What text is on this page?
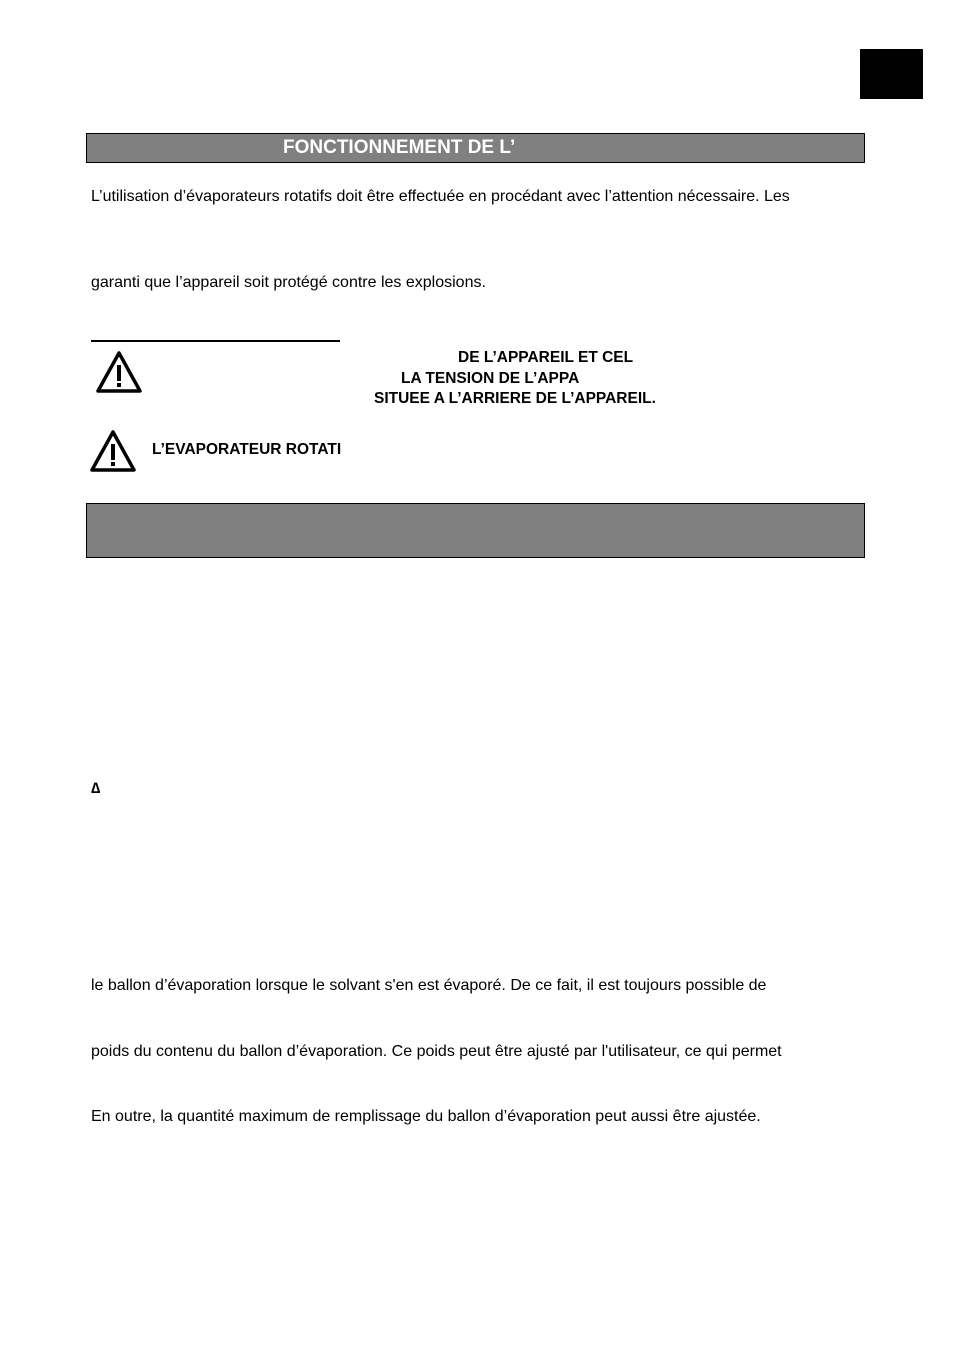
FONCTIONNEMENT DE L’
L’utilisation d’évaporateurs rotatifs doit être effectuée en procédant avec l’attention nécessaire. Les
garanti que l’appareil soit protégé contre les explosions.
DE L’APPAREIL ET CEL
LA TENSION DE L’APPA
SITUEE A L’ARRIERE DE L’APPAREIL.
L’EVAPORATEUR ROTATI
∆
le ballon d’évaporation lorsque le solvant s'en est évaporé. De ce fait, il est toujours possible de
poids du contenu du ballon d’évaporation. Ce poids peut être ajusté par l'utilisateur, ce qui permet
En outre, la quantité maximum de remplissage du ballon d’évaporation peut aussi être ajustée.
